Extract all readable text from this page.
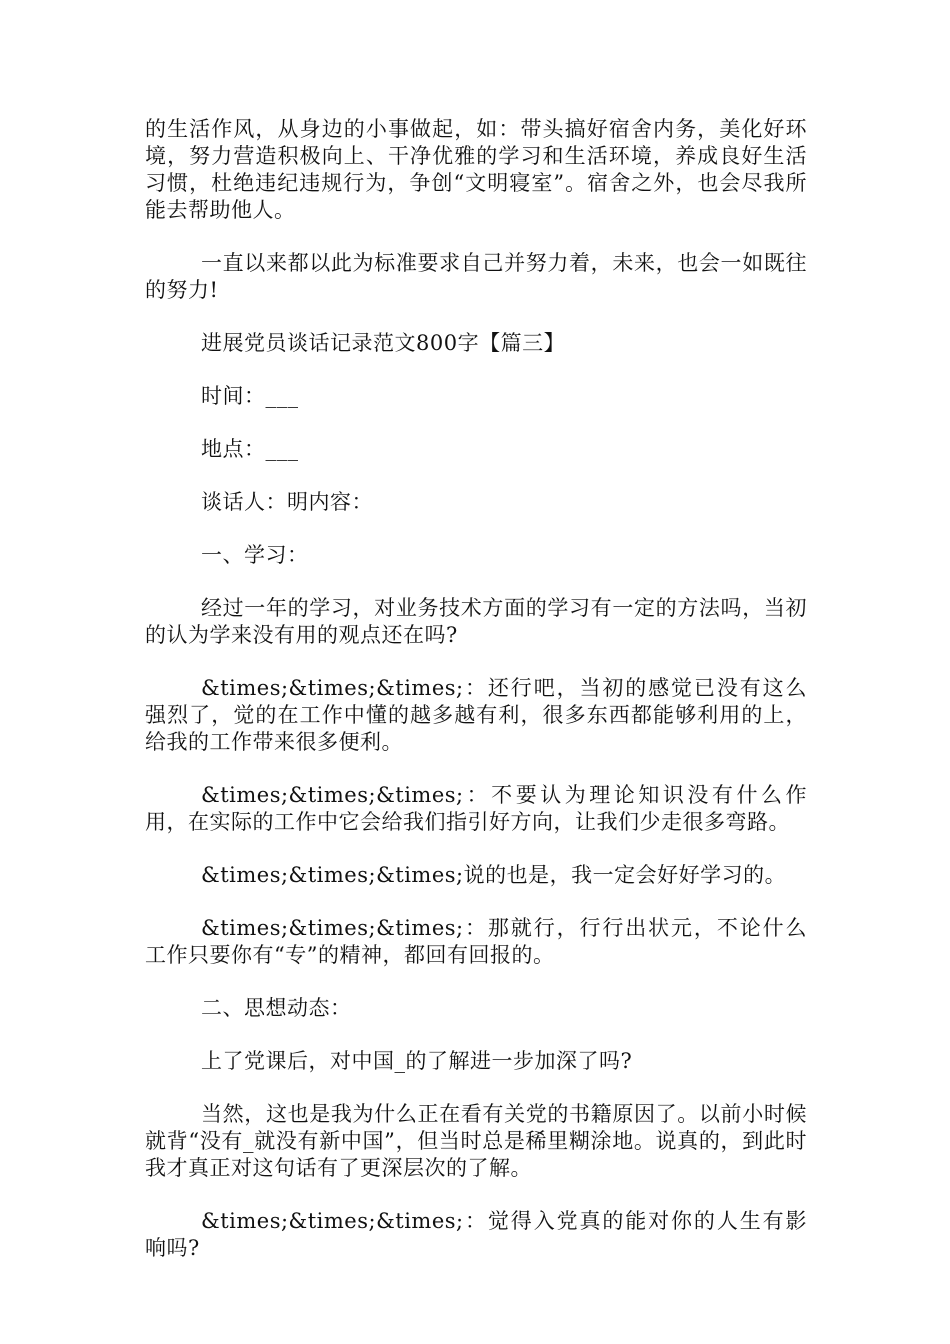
的生活作风，从身边的小事做起，如：带头搞好宿舍内务，美化好环境，努力营造积极向上、干净优雅的学习和生活环境，养成良好生活习惯，杜绝违纪违规行为，争创“文明寝室”。宿舍之外，也会尽我所能去帮助他人。

一直以来都以此为标准要求自己并努力着，未来，也会一如既往的努力!

进展党员谈话记录范文800字【篇三】

时间：___

地点：___

谈话人：明内容：

一、学习：

经过一年的学习，对业务技术方面的学习有一定的方法吗，当初的认为学来没有用的观点还在吗?

&times;&times;&times;：还行吧，当初的感觉已没有这么强烈了，觉的在工作中懂的越多越有利，很多东西都能够利用的上，给我的工作带来很多便利。

&times;&times;&times;：不要认为理论知识没有什么作用，在实际的工作中它会给我们指引好方向，让我们少走很多弯路。

&times;&times;&times;说的也是，我一定会好好学习的。

&times;&times;&times;：那就行，行行出状元，不论什么工作只要你有“专”的精神，都回有回报的。

二、思想动态：

上了党课后，对中国_的了解进一步加深了吗?

当然，这也是我为什么正在看有关党的书籍原因了。以前小时候就背“没有_就没有新中国”，但当时总是稀里糊涂地。说真的，到此时我才真正对这句话有了更深层次的了解。

&times;&times;&times;：觉得入党真的能对你的人生有影响吗?
